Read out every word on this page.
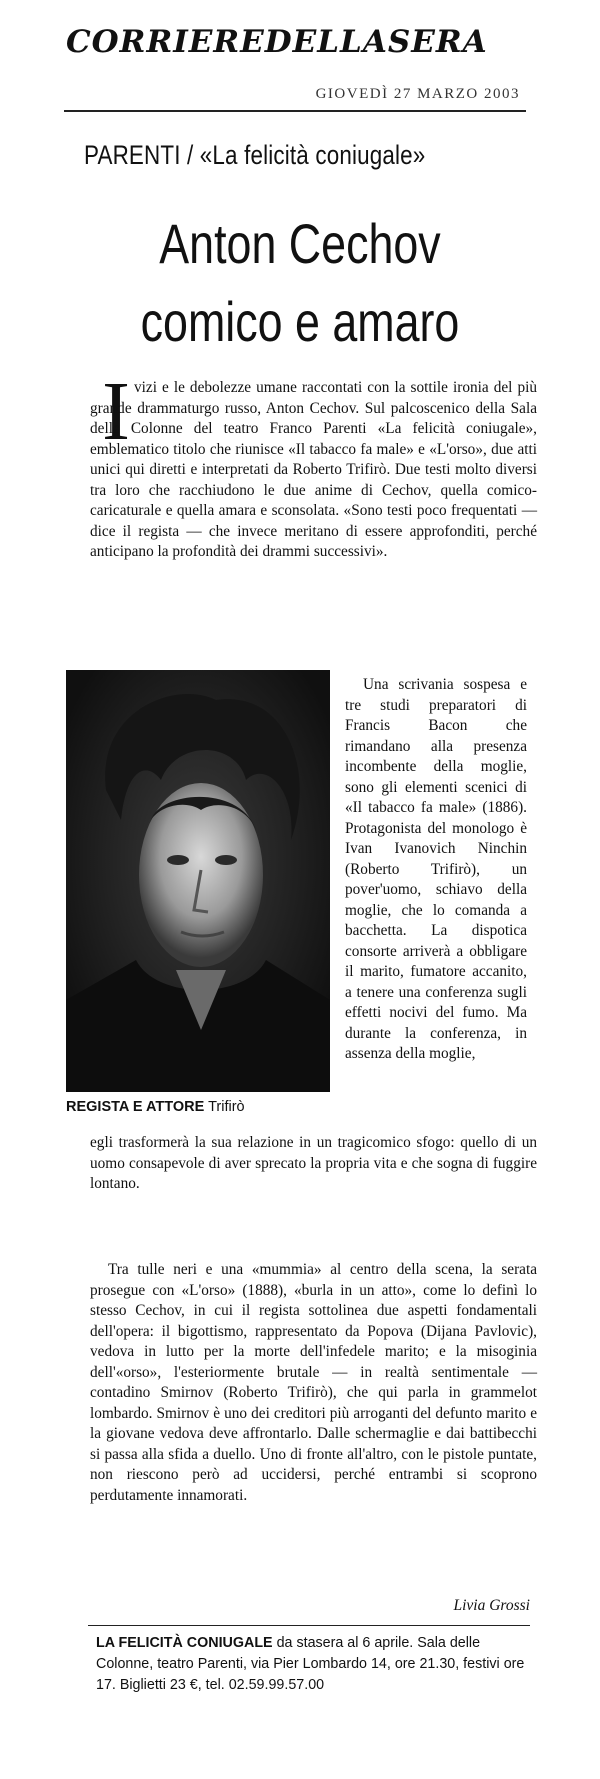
CORRIEREDELLASERA
GIOVEDÌ 27 MARZO 2003
PARENTI / «La felicità coniugale»
Anton Cechov
comico e amaro
I vizi e le debolezze umane raccontati con la sottile ironia del più grande drammaturgo russo, Anton Cechov. Sul palcoscenico della Sala delle Colonne del teatro Franco Parenti «La felicità coniugale», emblematico titolo che riunisce «Il tabacco fa male» e «L'orso», due atti unici qui diretti e interpretati da Roberto Trifirò. Due testi molto diversi tra loro che racchiudono le due anime di Cechov, quella comico-caricaturale e quella amara e sconsolata. «Sono testi poco frequentati — dice il regista — che invece meritano di essere approfonditi, perché anticipano la profondità dei drammi successivi».

REGISTA E ATTORE Trifirò

Una scrivania sospesa e tre studi preparatori di Francis Bacon che rimandano alla presenza incombente della moglie, sono gli elementi scenici di «Il tabacco fa male» (1886). Protagonista del monologo è Ivan Ivanovich Ninchin (Roberto Trifirò), un pover'uomo, schiavo della moglie, che lo comanda a bacchetta. La dispotica consorte arriverà a obbligare il marito, fumatore accanito, a tenere una conferenza sugli effetti nocivi del fumo. Ma durante la conferenza, in assenza della moglie,

egli trasformerà la sua relazione in un tragicomico sfogo: quello di un uomo consapevole di aver sprecato la propria vita e che sogna di fuggire lontano.

Tra tulle neri e una «mummia» al centro della scena, la serata prosegue con «L'orso» (1888), «burla in un atto», come lo definì lo stesso Cechov, in cui il regista sottolinea due aspetti fondamentali dell'opera: il bigottismo, rappresentato da Popova (Dijana Pavlovic), vedova in lutto per la morte dell'infedele marito; e la misoginia dell'«orso», l'esteriormente brutale — in realtà sentimentale — contadino Smirnov (Roberto Trifirò), che qui parla in grammelot lombardo. Smirnov è uno dei creditori più arroganti del defunto marito e la giovane vedova deve affrontarlo. Dalle schermaglie e dai battibecchi si passa alla sfida a duello. Uno di fronte all'altro, con le pistole puntate, non riescono però ad uccidersi, perché entrambi si scoprono perdutamente innamorati.

Livia Grossi

LA FELICITÀ CONIUGALE da stasera al 6 aprile. Sala delle Colonne, teatro Parenti, via Pier Lombardo 14, ore 21.30, festivi ore 17. Biglietti 23 €, tel. 02.59.99.57.00
